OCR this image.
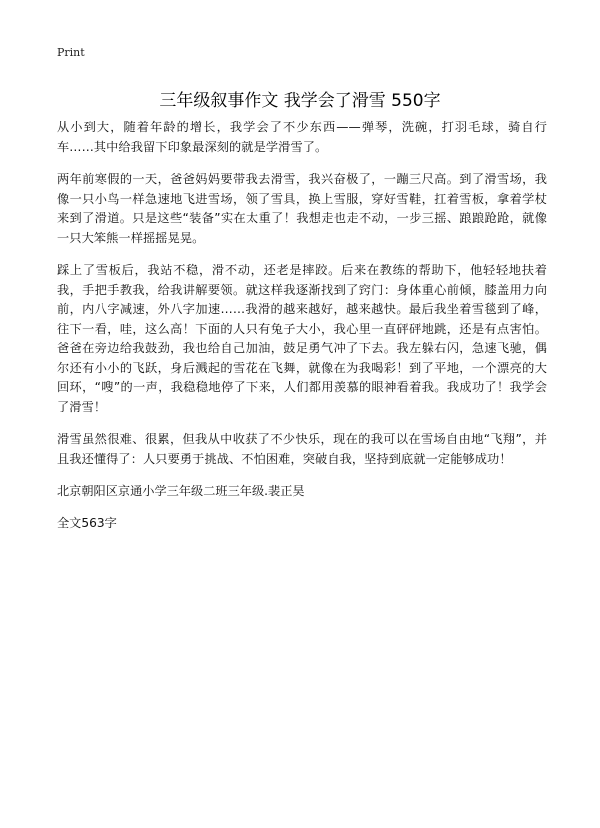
Print
三年级叙事作文 我学会了滑雪 550字

从小到大，随着年龄的增长，我学会了不少东西——弹琴，洗碗，打羽毛球，骑自行车……其中给我留下印象最深刻的就是学滑雪了。

两年前寒假的一天，爸爸妈妈要带我去滑雪，我兴奋极了，一蹦三尺高。到了滑雪场，我像一只小鸟一样急速地飞进雪场，领了雪具，换上雪服，穿好雪鞋，扛着雪板，拿着学杖来到了滑道。只是这些“装备”实在太重了！我想走也走不动，一步三摇、踉踉跄跄，就像一只大笨熊一样摇摇晃晃。

踩上了雪板后，我站不稳，滑不动，还老是摔跤。后来在教练的帮助下，他轻轻地扶着我，手把手教我，给我讲解要领。就这样我逐渐找到了窍门：身体重心前倾，膝盖用力向前，内八字减速，外八字加速……我滑的越来越好，越来越快。最后我坐着雪毯到了峰，往下一看，哇，这么高！下面的人只有兔子大小，我心里一直砰砰地跳，还是有点害怕。爸爸在旁边给我鼓劲，我也给自己加油，鼓足勇气冲了下去。我左躲右闪，急速飞驰，偶尔还有小小的飞跃，身后溅起的雪花在飞舞，就像在为我喝彩！到了平地，一个漂亮的大回环，“嗖”的一声，我稳稳地停了下来，人们都用羡慕的眼神看着我。我成功了！我学会了滑雪！

滑雪虽然很难、很累，但我从中收获了不少快乐，现在的我可以在雪场自由地“飞翔”，并且我还懂得了：人只要勇于挑战、不怕困难，突破自我，坚持到底就一定能够成功！

北京朝阳区京通小学三年级二班三年级.裴正昊
全文563字
